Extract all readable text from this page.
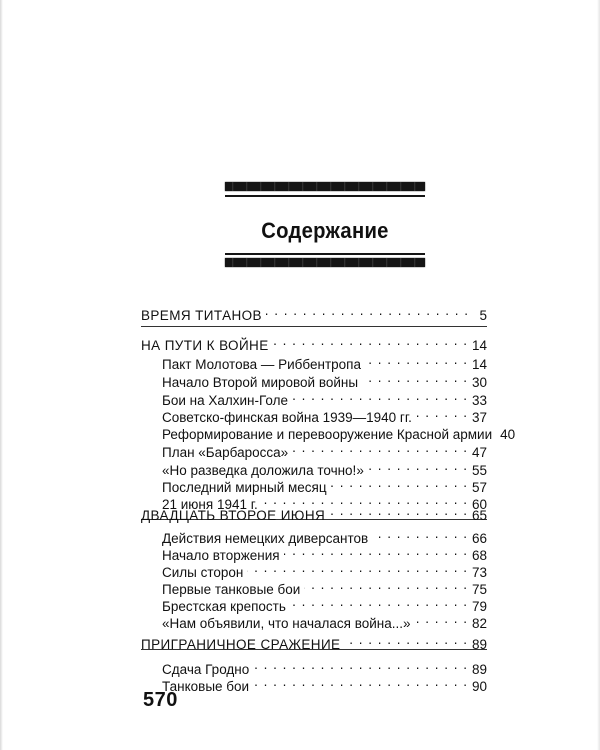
Содержание
ВРЕМЯ ТИТАНОВ . . .	5
НА ПУТИ К ВОЙНЕ . . .	14
Пакт Молотова — Риббентропа . . .	14
Начало Второй мировой войны . . .	30
Бои на Халхин-Голе . . .	33
Советско-финская война 1939—1940 гг. . . .	37
Реформирование и перевооружение Красной армии 40
План «Барбаросса» . . .	47
«Но разведка доложила точно!» . . .	55
Последний мирный месяц . . .	57
21 июня 1941 г. . . .	60
ДВАДЦАТЬ ВТОРОЕ ИЮНЯ . . .	65
Действия немецких диверсантов . . .	66
Начало вторжения . . .	68
Силы сторон . . .	73
Первые танковые бои . . .	75
Брестская крепость . . .	79
«Нам объявили, что началася война...» . . .	82
ПРИГРАНИЧНОЕ СРАЖЕНИЕ . . .	89
Сдача Гродно . . .	89
Танковые бои . . .	90
570
